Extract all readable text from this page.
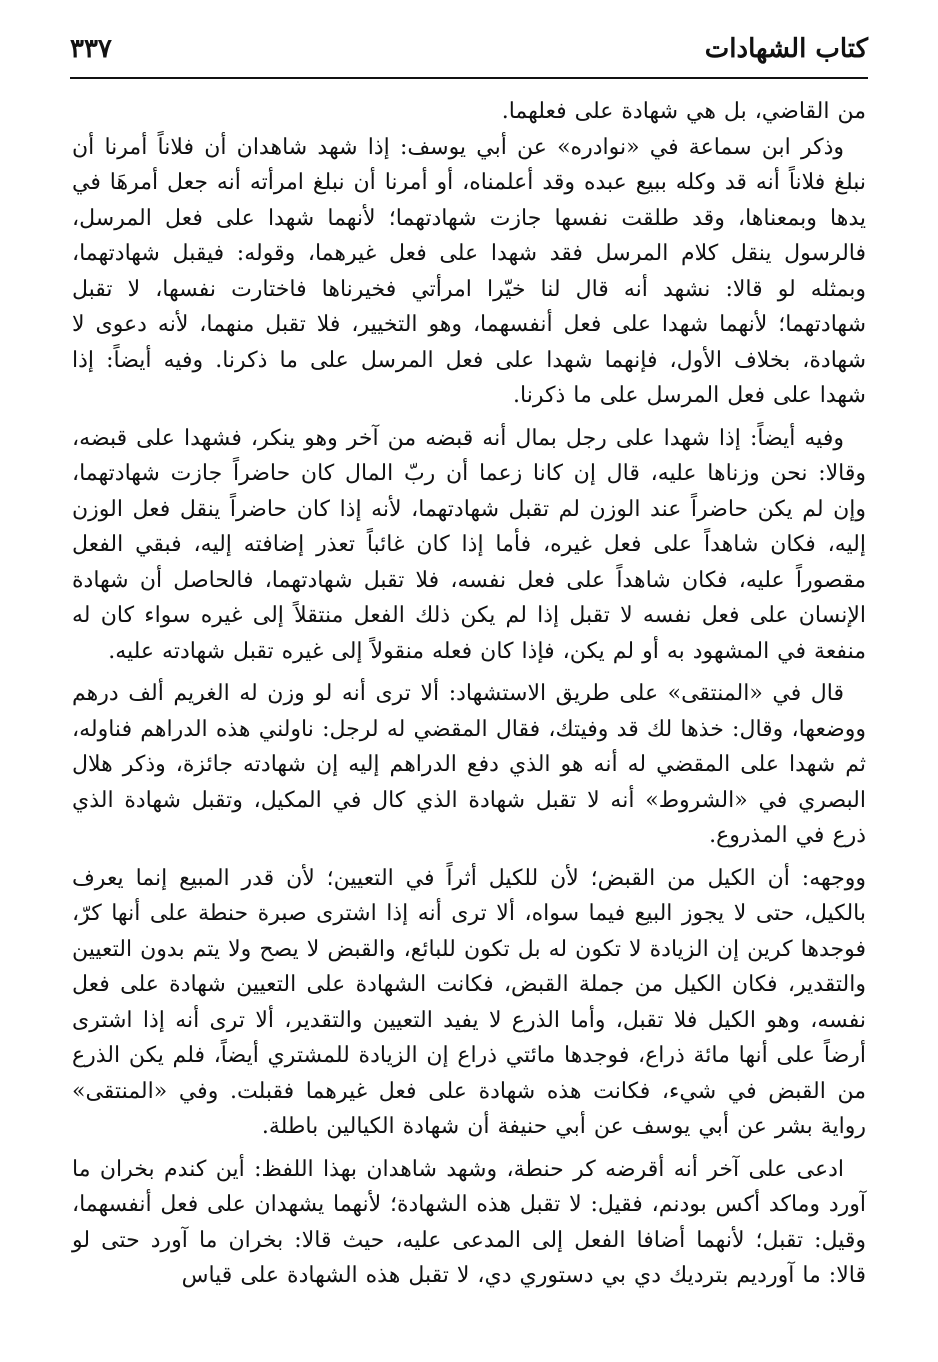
كتاب الشهادات
٣٣٧

من القاضي، بل هي شهادة على فعلهما.

وذكر ابن سماعة في «نوادره» عن أبي يوسف: إذا شهد شاهدان أن فلاناً أمرنا أن نبلغ فلاناً أنه قد وكله ببيع عبده وقد أعلمناه، أو أمرنا أن نبلغ امرأته أنه جعل أمرهَا في يدها وبمعناها، وقد طلقت نفسها جازت شهادتهما؛ لأنهما شهدا على فعل المرسل، فالرسول ينقل كلام المرسل فقد شهدا على فعل غيرهما، وقوله: فيقبل شهادتهما، وبمثله لو قالا: نشهد أنه قال لنا خيّرا امرأتي فخيرناها فاختارت نفسها، لا تقبل شهادتهما؛ لأنهما شهدا على فعل أنفسهما، وهو التخيير، فلا تقبل منهما، لأنه دعوى لا شهادة، بخلاف الأول، فإنهما شهدا على فعل المرسل على ما ذكرنا. وفيه أيضاً: إذا شهدا على فعل المرسل على ما ذكرنا.

وفيه أيضاً: إذا شهدا على رجل بمال أنه قبضه من آخر وهو ينكر، فشهدا على قبضه، وقالا: نحن وزناها عليه، قال إن كانا زعما أن ربّ المال كان حاضراً جازت شهادتهما، وإن لم يكن حاضراً عند الوزن لم تقبل شهادتهما، لأنه إذا كان حاضراً ينقل فعل الوزن إليه، فكان شاهداً على فعل غيره، فأما إذا كان غائباً تعذر إضافته إليه، فبقي الفعل مقصوراً عليه، فكان شاهداً على فعل نفسه، فلا تقبل شهادتهما، فالحاصل أن شهادة الإنسان على فعل نفسه لا تقبل إذا لم يكن ذلك الفعل منتقلاً إلى غيره سواء كان له منفعة في المشهود به أو لم يكن، فإذا كان فعله منقولاً إلى غيره تقبل شهادته عليه.

قال في «المنتقى» على طريق الاستشهاد: ألا ترى أنه لو وزن له الغريم ألف درهم ووضعها، وقال: خذها لك قد وفيتك، فقال المقضي له لرجل: ناولني هذه الدراهم فناوله، ثم شهدا على المقضي له أنه هو الذي دفع الدراهم إليه إن شهادته جائزة، وذكر هلال البصري في «الشروط» أنه لا تقبل شهادة الذي كال في المكيل، وتقبل شهادة الذي ذرع في المذروع.

ووجهه: أن الكيل من القبض؛ لأن للكيل أثراً في التعيين؛ لأن قدر المبيع إنما يعرف بالكيل، حتى لا يجوز البيع فيما سواه، ألا ترى أنه إذا اشترى صبرة حنطة على أنها كرّ، فوجدها كرين إن الزيادة لا تكون له بل تكون للبائع، والقبض لا يصح ولا يتم بدون التعيين والتقدير، فكان الكيل من جملة القبض، فكانت الشهادة على التعيين شهادة على فعل نفسه، وهو الكيل فلا تقبل، وأما الذرع لا يفيد التعيين والتقدير، ألا ترى أنه إذا اشترى أرضاً على أنها مائة ذراع، فوجدها مائتي ذراع إن الزيادة للمشتري أيضاً، فلم يكن الذرع من القبض في شيء، فكانت هذه شهادة على فعل غيرهما فقبلت. وفي «المنتقى» رواية بشر عن أبي يوسف عن أبي حنيفة أن شهادة الكيالين باطلة.

ادعى على آخر أنه أقرضه كر حنطة، وشهد شاهدان بهذا اللفظ: أين كندم بخران ما آورد وماكد أكس بودنم، فقيل: لا تقبل هذه الشهادة؛ لأنهما يشهدان على فعل أنفسهما، وقيل: تقبل؛ لأنهما أضافا الفعل إلى المدعى عليه، حيث قالا: بخران ما آورد حتى لو قالا: ما آورديم بترديك دي بي دستوري دي، لا تقبل هذه الشهادة على قياس
